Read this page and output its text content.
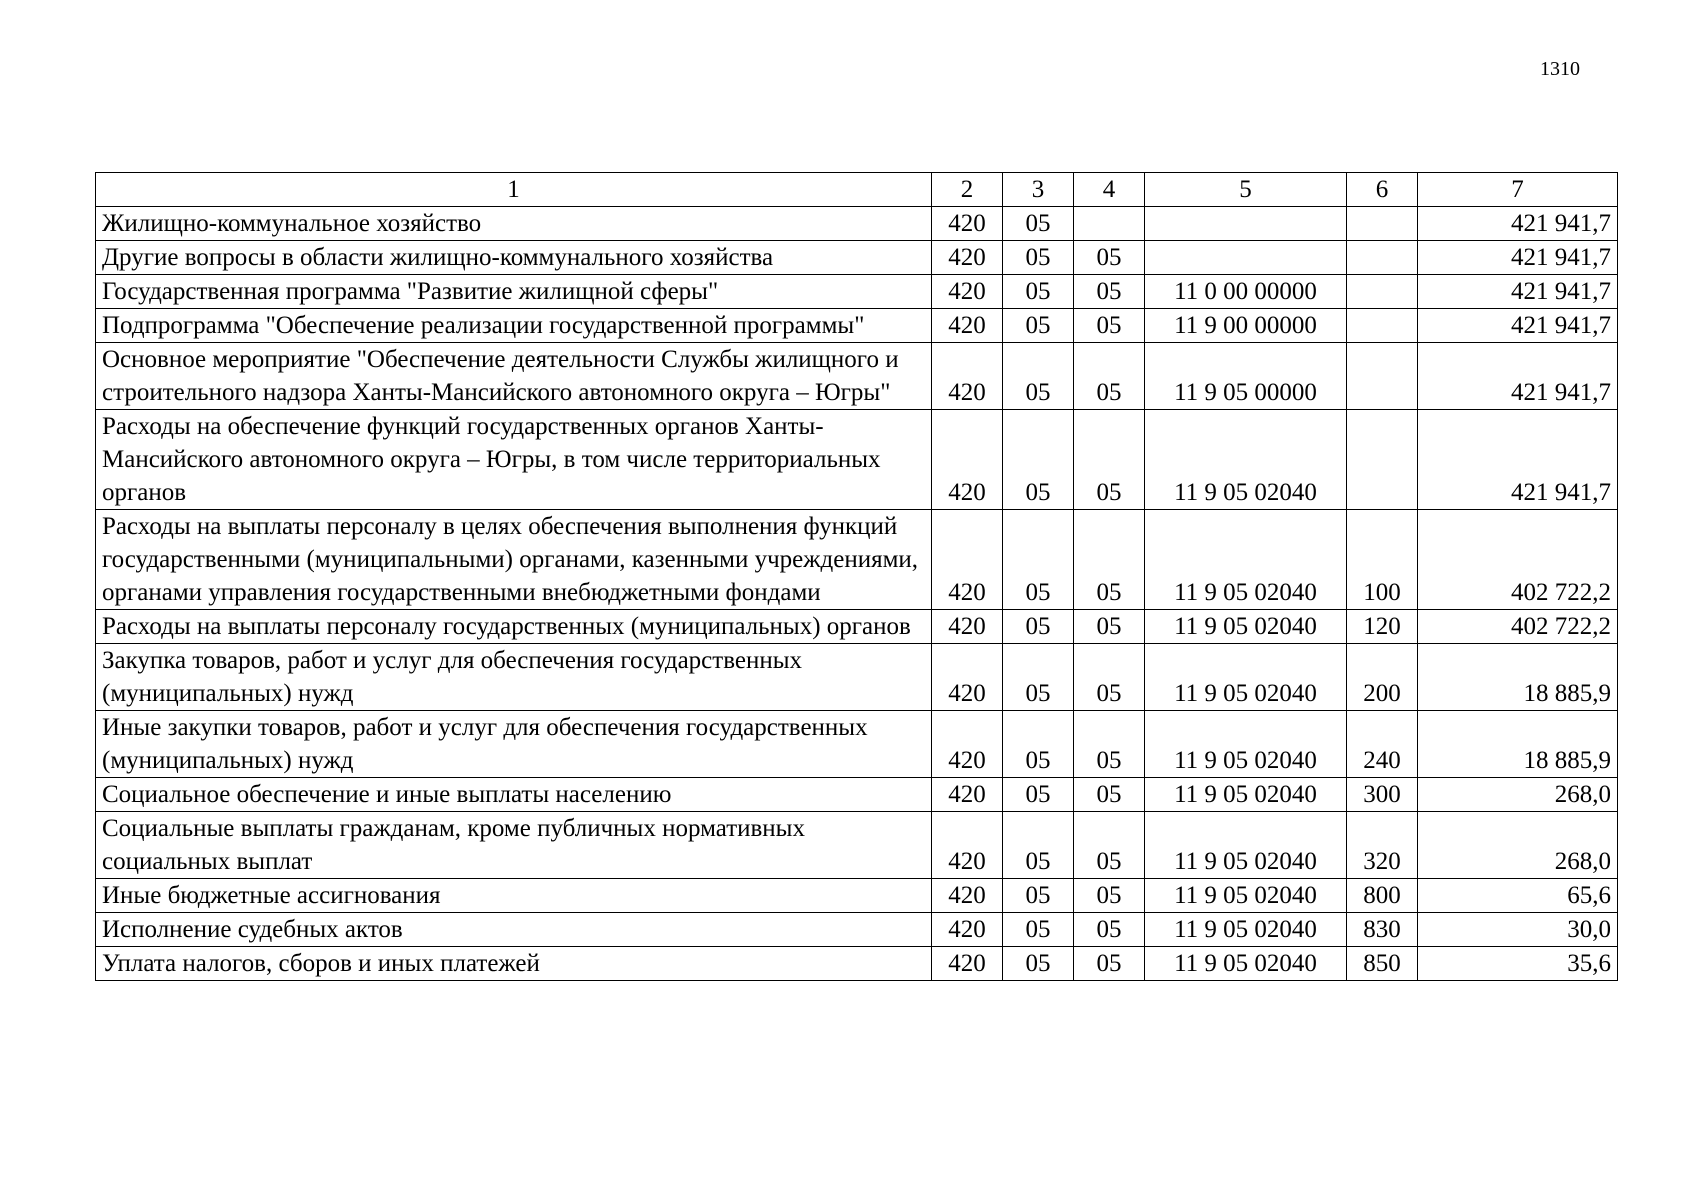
1310
1	2	3	4	5	6	7
Жилищно-коммунальное хозяйство	420	05				421 941,7
Другие вопросы в области жилищно-коммунального хозяйства	420	05	05			421 941,7
Государственная программа "Развитие жилищной сферы"	420	05	05	11 0 00 00000		421 941,7
Подпрограмма "Обеспечение реализации государственной программы"	420	05	05	11 9 00 00000		421 941,7
Основное мероприятие "Обеспечение деятельности Службы жилищного и строительного надзора Ханты-Мансийского автономного округа – Югры"	420	05	05	11 9 05 00000		421 941,7
Расходы на обеспечение функций государственных органов Ханты-Мансийского автономного округа – Югры, в том числе территориальных органов	420	05	05	11 9 05 02040		421 941,7
Расходы на выплаты персоналу в целях обеспечения выполнения функций государственными (муниципальными) органами, казенными учреждениями, органами управления государственными внебюджетными фондами	420	05	05	11 9 05 02040	100	402 722,2
Расходы на выплаты персоналу государственных (муниципальных) органов	420	05	05	11 9 05 02040	120	402 722,2
Закупка товаров, работ и услуг для обеспечения государственных (муниципальных) нужд	420	05	05	11 9 05 02040	200	18 885,9
Иные закупки товаров, работ и услуг для обеспечения государственных (муниципальных) нужд	420	05	05	11 9 05 02040	240	18 885,9
Социальное обеспечение и иные выплаты населению	420	05	05	11 9 05 02040	300	268,0
Социальные выплаты гражданам, кроме публичных нормативных социальных выплат	420	05	05	11 9 05 02040	320	268,0
Иные бюджетные ассигнования	420	05	05	11 9 05 02040	800	65,6
Исполнение судебных актов	420	05	05	11 9 05 02040	830	30,0
Уплата налогов, сборов и иных платежей	420	05	05	11 9 05 02040	850	35,6
